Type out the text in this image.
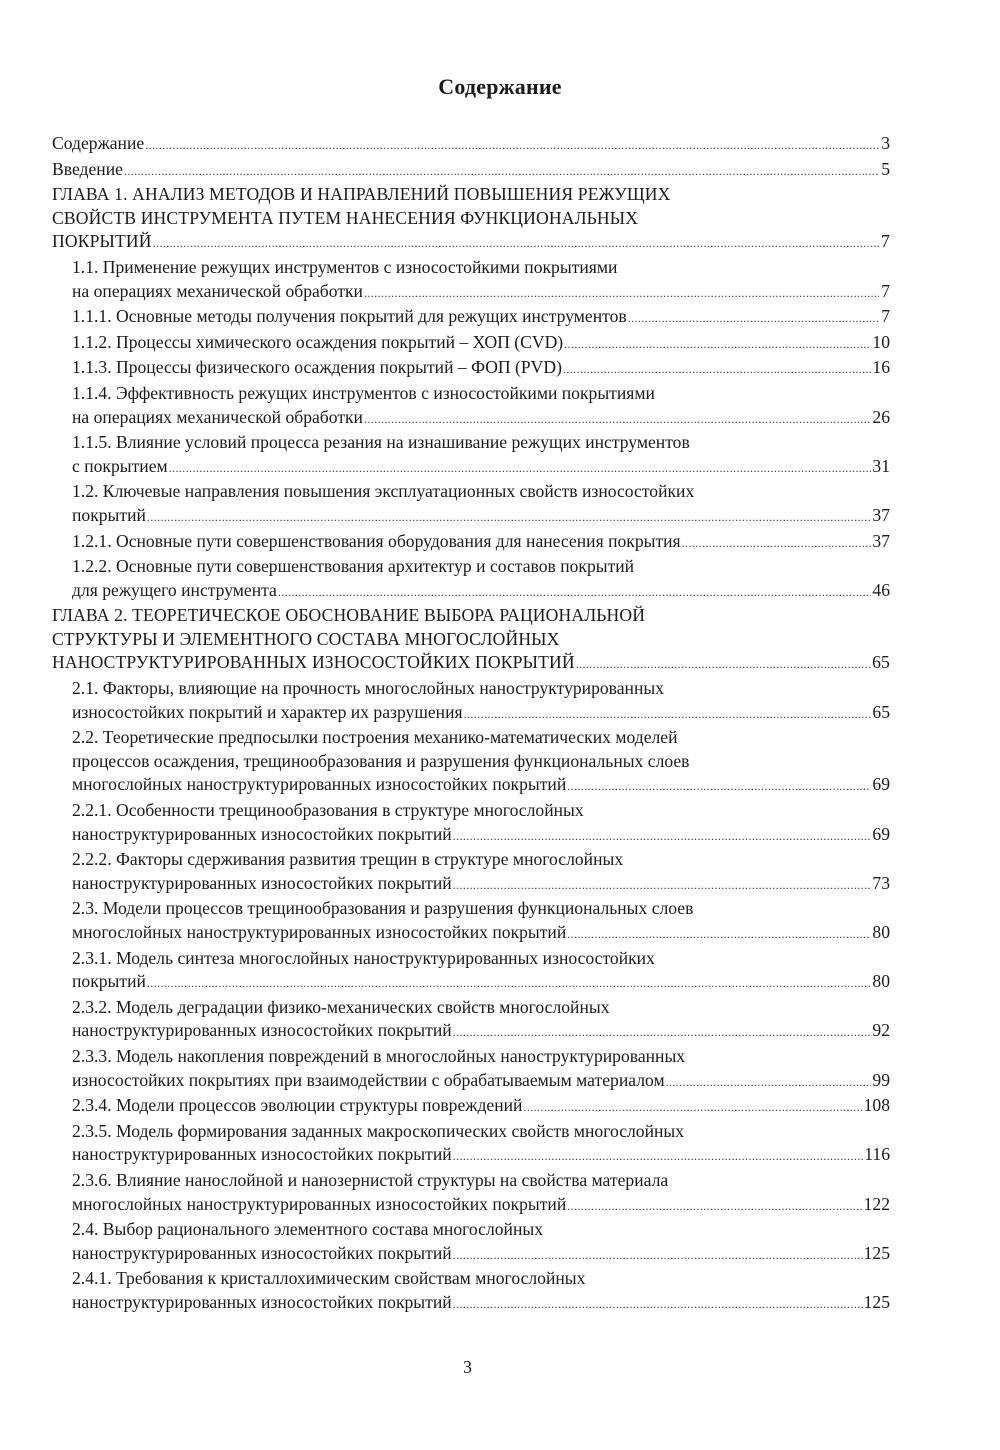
Содержание
Содержание .....	3
Введение .....	5
ГЛАВА 1. АНАЛИЗ МЕТОДОВ И НАПРАВЛЕНИЙ ПОВЫШЕНИЯ РЕЖУЩИХ
СВОЙСТВ ИНСТРУМЕНТА ПУТЕМ НАНЕСЕНИЯ ФУНКЦИОНАЛЬНЫХ
ПОКРЫТИЙ .....	7
1.1. Применение режущих инструментов с износостойкими покрытиями
на операциях механической обработки .....	7
1.1.1. Основные методы получения покрытий для режущих инструментов .....	7
1.1.2. Процессы химического осаждения покрытий – ХОП (CVD) .....	10
1.1.3. Процессы физического осаждения покрытий – ФОП (PVD) .....	16
1.1.4. Эффективность режущих инструментов с износостойкими покрытиями
на операциях механической обработки .....	26
1.1.5. Влияние условий процесса резания на изнашивание режущих инструментов
с покрытием .....	31
1.2. Ключевые направления повышения эксплуатационных свойств износостойких
покрытий .....	37
1.2.1. Основные пути совершенствования оборудования для нанесения покрытия .....	37
1.2.2. Основные пути совершенствования архитектур и составов покрытий
для режущего инструмента .....	46
ГЛАВА 2. ТЕОРЕТИЧЕСКОЕ ОБОСНОВАНИЕ ВЫБОРА РАЦИОНАЛЬНОЙ
СТРУКТУРЫ И ЭЛЕМЕНТНОГО СОСТАВА МНОГОСЛОЙНЫХ
НАНОСТРУКТУРИРОВАННЫХ ИЗНОСОСТОЙКИХ ПОКРЫТИЙ .....	65
2.1. Факторы, влияющие на прочность многослойных наноструктурированных
износостойких покрытий и характер их разрушения .....	65
2.2. Теоретические предпосылки построения механико-математических моделей
процессов осаждения, трещинообразования и разрушения функциональных слоев
многослойных наноструктурированных износостойких покрытий .....	69
2.2.1. Особенности трещинообразования в структуре многослойных
наноструктурированных износостойких покрытий .....	69
2.2.2. Факторы сдерживания развития трещин в структуре многослойных
наноструктурированных износостойких покрытий .....	73
2.3. Модели процессов трещинообразования и разрушения функциональных слоев
многослойных наноструктурированных износостойких покрытий .....	80
2.3.1. Модель синтеза многослойных наноструктурированных износостойких
покрытий .....	80
2.3.2. Модель деградации физико-механических свойств многослойных
наноструктурированных износостойких покрытий .....	92
2.3.3. Модель накопления повреждений в многослойных наноструктурированных
износостойких покрытиях при взаимодействии с обрабатываемым материалом .....	99
2.3.4. Модели процессов эволюции структуры повреждений .....	108
2.3.5. Модель формирования заданных макроскопических свойств многослойных
наноструктурированных износостойких покрытий .....	116
2.3.6. Влияние нанослойной и нанозернистой структуры на свойства материала
многослойных наноструктурированных износостойких покрытий .....	122
2.4. Выбор рационального элементного состава многослойных
наноструктурированных износостойких покрытий .....	125
2.4.1. Требования к кристаллохимическим свойствам многослойных
наноструктурированных износостойких покрытий .....	125
3
